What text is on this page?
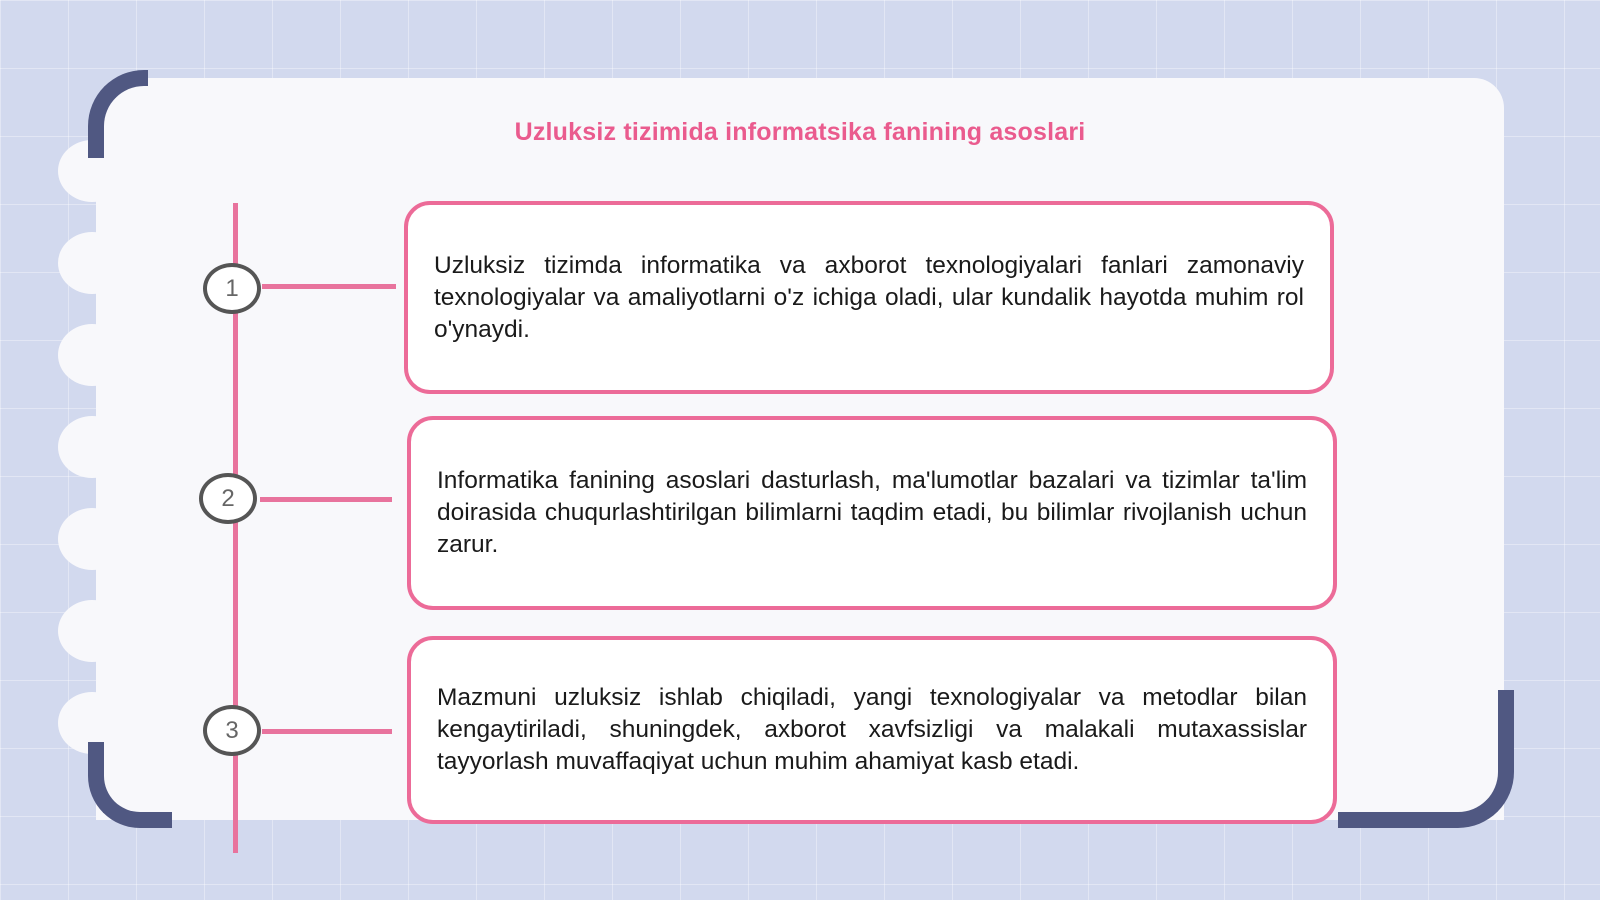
Uzluksiz tizimida informatsika fanining asoslari
1
Uzluksiz tizimda informatika va axborot texnologiyalari fanlari zamonaviy texnologiyalar va amaliyotlarni o'z ichiga oladi, ular kundalik hayotda muhim rol o'ynaydi.
2
Informatika fanining asoslari dasturlash, ma'lumotlar bazalari va tizimlar ta'lim doirasida chuqurlashtirilgan bilimlarni taqdim etadi, bu bilimlar rivojlanish uchun zarur.
3
Mazmuni uzluksiz ishlab chiqiladi, yangi texnologiyalar va metodlar bilan kengaytiriladi, shuningdek, axborot xavfsizligi va malakali mutaxassislar tayyorlash muvaffaqiyat uchun muhim ahamiyat kasb etadi.
